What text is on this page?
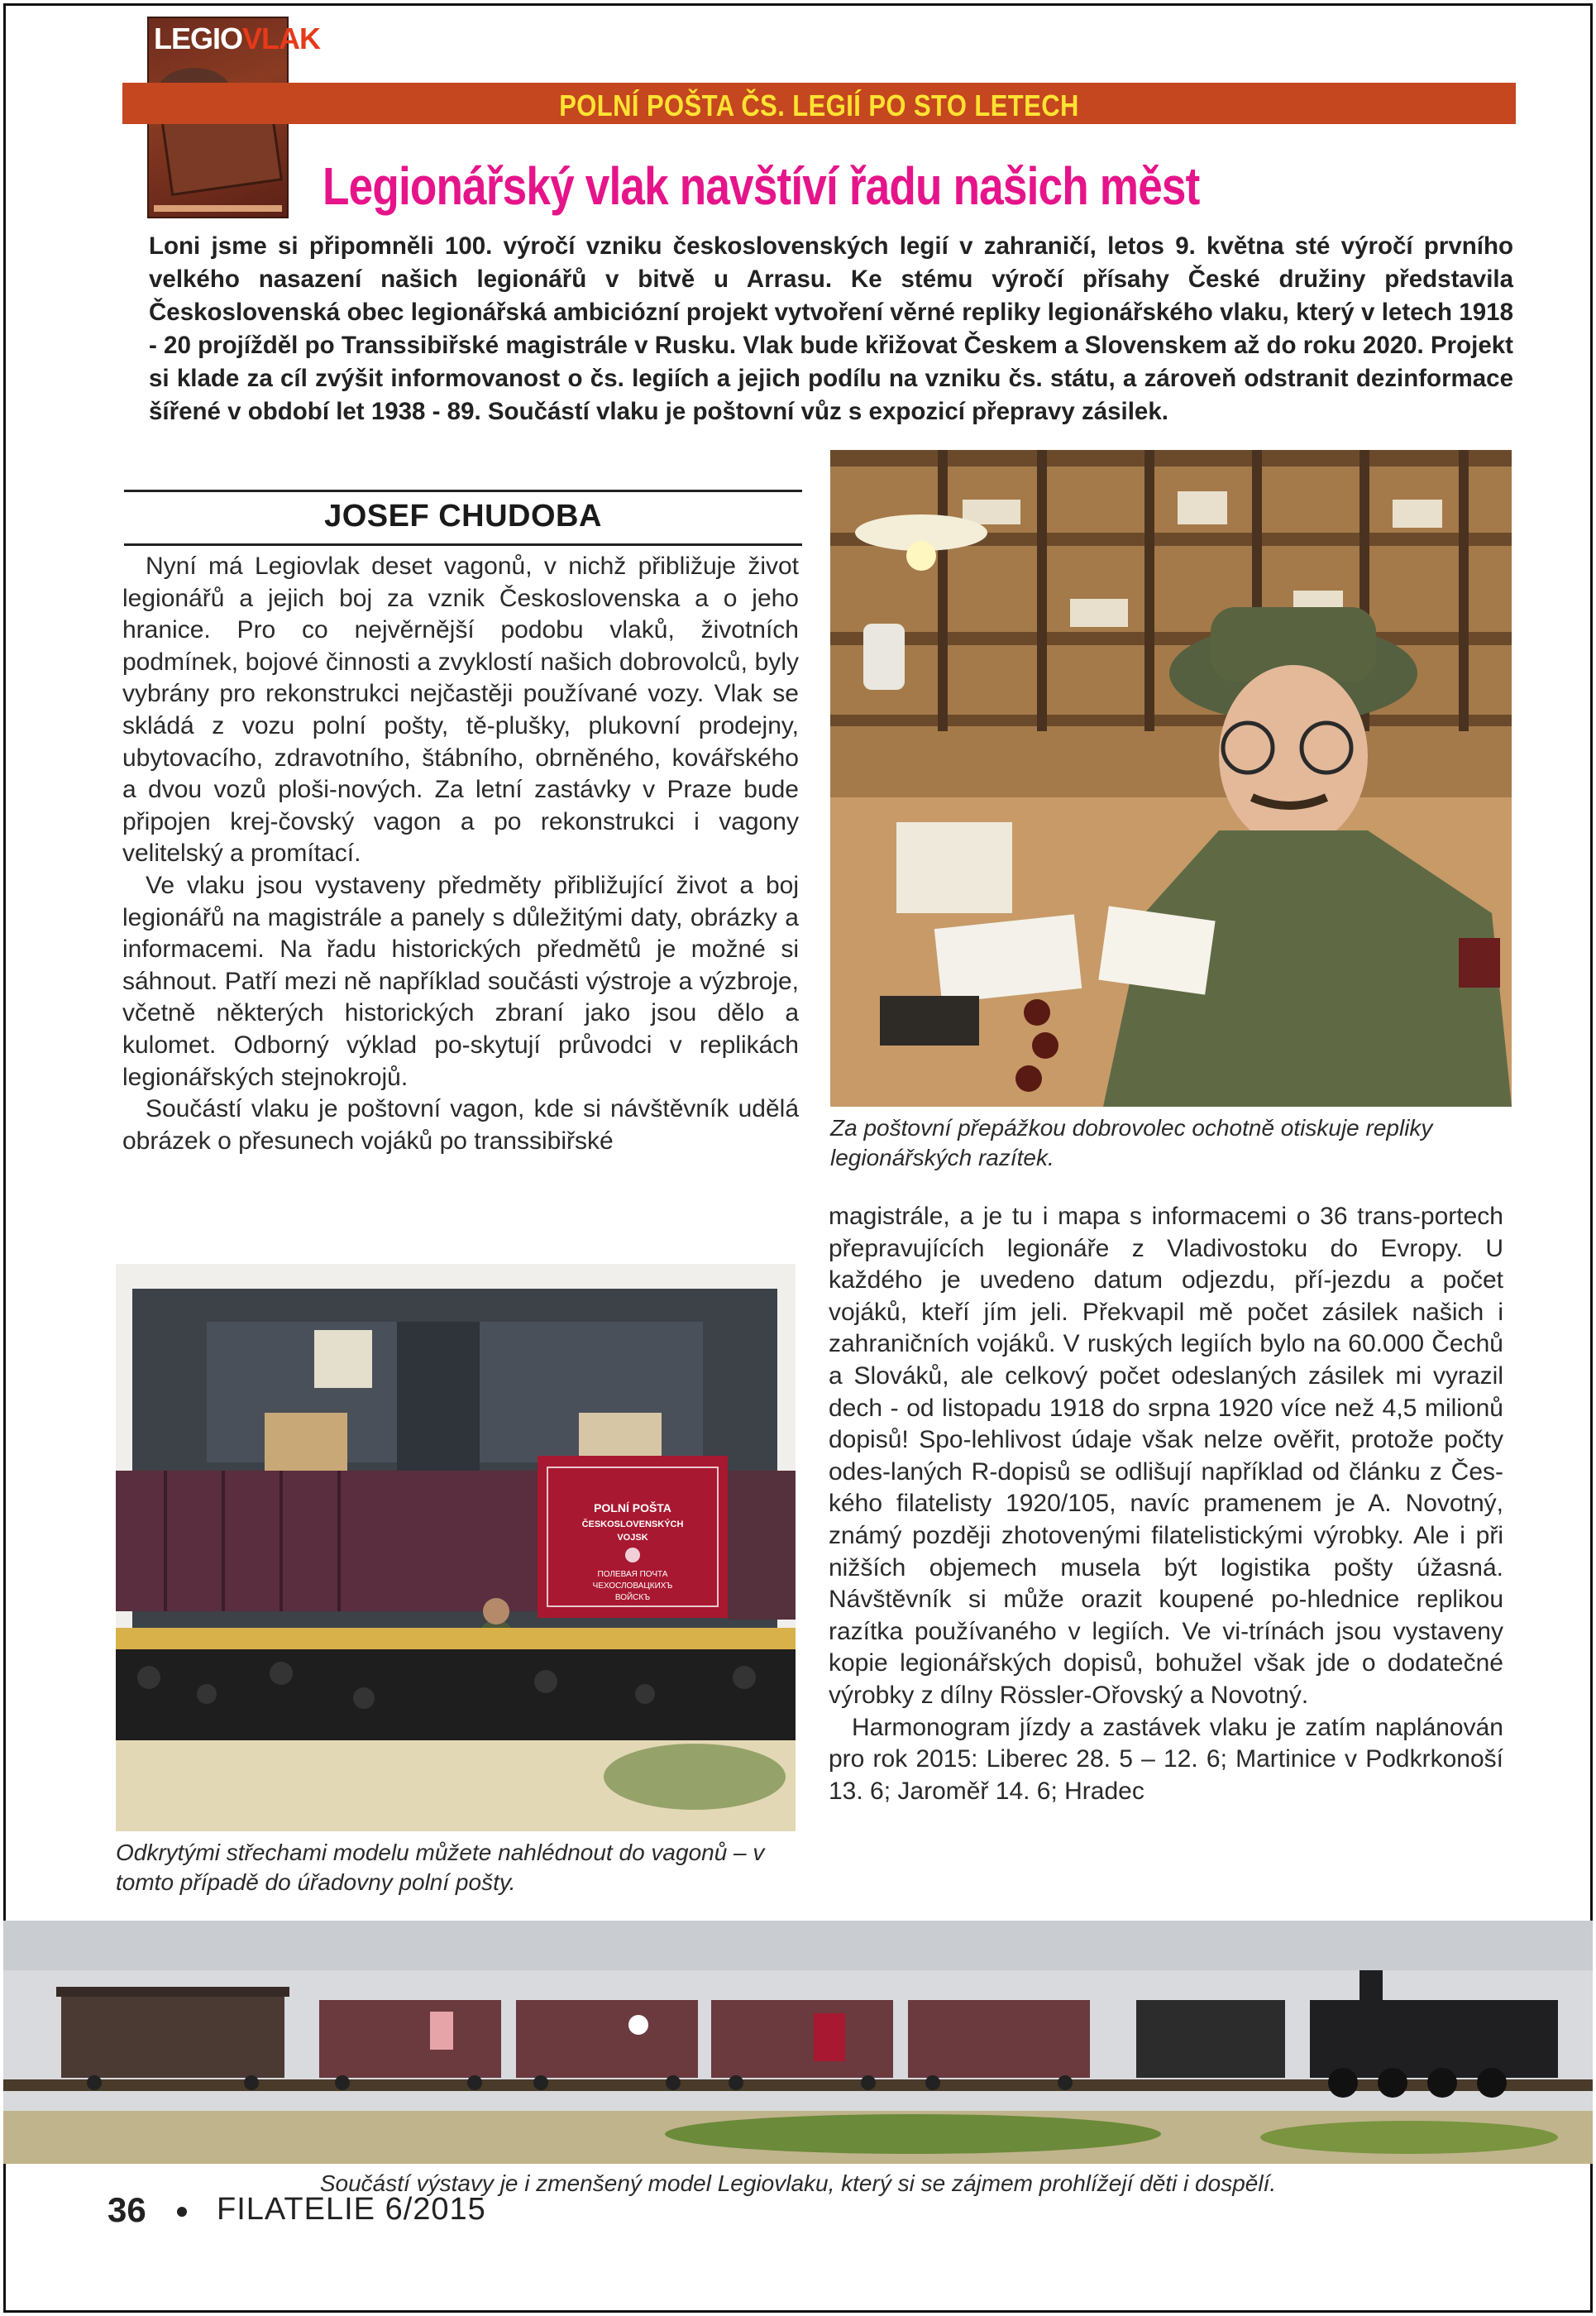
LEGIOVLAK
POLNÍ POŠTA ČS. LEGIÍ PO STO LETECH
Legionářský vlak navštíví řadu našich měst
Loni jsme si připomněli 100. výročí vzniku československých legií v zahraničí, letos 9. května sté výročí prvního velkého nasazení našich legionářů v bitvě u Arrasu. Ke stému výročí přísahy České družiny představila Československá obec legionářská ambiciózní projekt vytvoření věrné repliky legionářského vlaku, který v letech 1918 - 20 projížděl po Transsibiřské magistrále v Rusku. Vlak bude křižovat Českem a Slovenskem až do roku 2020. Projekt si klade za cíl zvýšit informovanost o čs. legiích a jejich podílu na vzniku čs. státu, a zároveň odstranit dezinformace šířené v období let 1938 - 89. Součástí vlaku je poštovní vůz s expozicí přepravy zásilek.
JOSEF CHUDOBA

Nyní má Legiovlak deset vagonů, v nichž přibližuje život legionářů a jejich boj za vznik Československa a o jeho hranice. Pro co nejvěrnější podobu vlaků, životních podmínek, bojové činnosti a zvyklostí našich dobrovolců, byly vybrány pro rekonstrukci nejčastěji používané vozy. Vlak se skládá z vozu polní pošty, tě-plušky, plukovní prodejny, ubytovacího, zdravotního, štábního, obrněného, kovářského a dvou vozů ploši-nových. Za letní zastávky v Praze bude připojen krej-čovský vagon a po rekonstrukci i vagony velitelský a promítací.

Ve vlaku jsou vystaveny předměty přibližující život a boj legionářů na magistrále a panely s důležitými daty, obrázky a informacemi. Na řadu historických předmětů je možné si sáhnout. Patří mezi ně například součásti výstroje a výzbroje, včetně některých historických zbraní jako jsou dělo a kulomet. Odborný výklad po-skytují průvodci v replikách legionářských stejnokrojů.

Součástí vlaku je poštovní vagon, kde si návštěvník udělá obrázek o přesunech vojáků po transsibiřské	Za poštovní přepážkou dobrovolec ochotně otiskuje repliky legionářských razítek.
POLNÍ POŠTA
ČESKOSLOVENSKÝCH
VOJSK
ПОЛЕВАЯ ПОЧТА
ЧЕХОСЛОВАЦКИХЪ
ВОЙСКЪ
Odkrytými střechami modelu můžete nahlédnout do vagonů – v tomto případě do úřadovny polní pošty.

magistrále, a je tu i mapa s informacemi o 36 trans-portech přepravujících legionáře z Vladivostoku do Evropy. U každého je uvedeno datum odjezdu, pří-jezdu a počet vojáků, kteří jím jeli. Překvapil mě počet zásilek našich i zahraničních vojáků. V ruských legiích bylo na 60.000 Čechů a Slováků, ale celkový počet odeslaných zásilek mi vyrazil dech - od listopadu 1918 do srpna 1920 více než 4,5 milionů dopisů! Spo-lehlivost údaje však nelze ověřit, protože počty odes-laných R-dopisů se odlišují například od článku z Čes-kého filatelisty 1920/105, navíc pramenem je A. Novotný, známý později zhotovenými filatelistickými výrobky. Ale i při nižších objemech musela být logistika pošty úžasná. Návštěvník si může orazit koupené po-hlednice replikou razítka používaného v legiích. Ve vi-trínách jsou vystaveny kopie legionářských dopisů, bohužel však jde o dodatečné výrobky z dílny Rössler-Ořovský a Novotný.

Harmonogram jízdy a zastávek vlaku je zatím naplánován pro rok 2015: Liberec 28. 5 – 12. 6; Martinice v Podkrkonoší 13. 6; Jaroměř 14. 6; Hradec

Součástí výstavy je i zmenšený model Legiovlaku, který si se zájmem prohlížejí děti i dospělí.
36 FILATELIE 6/2015
